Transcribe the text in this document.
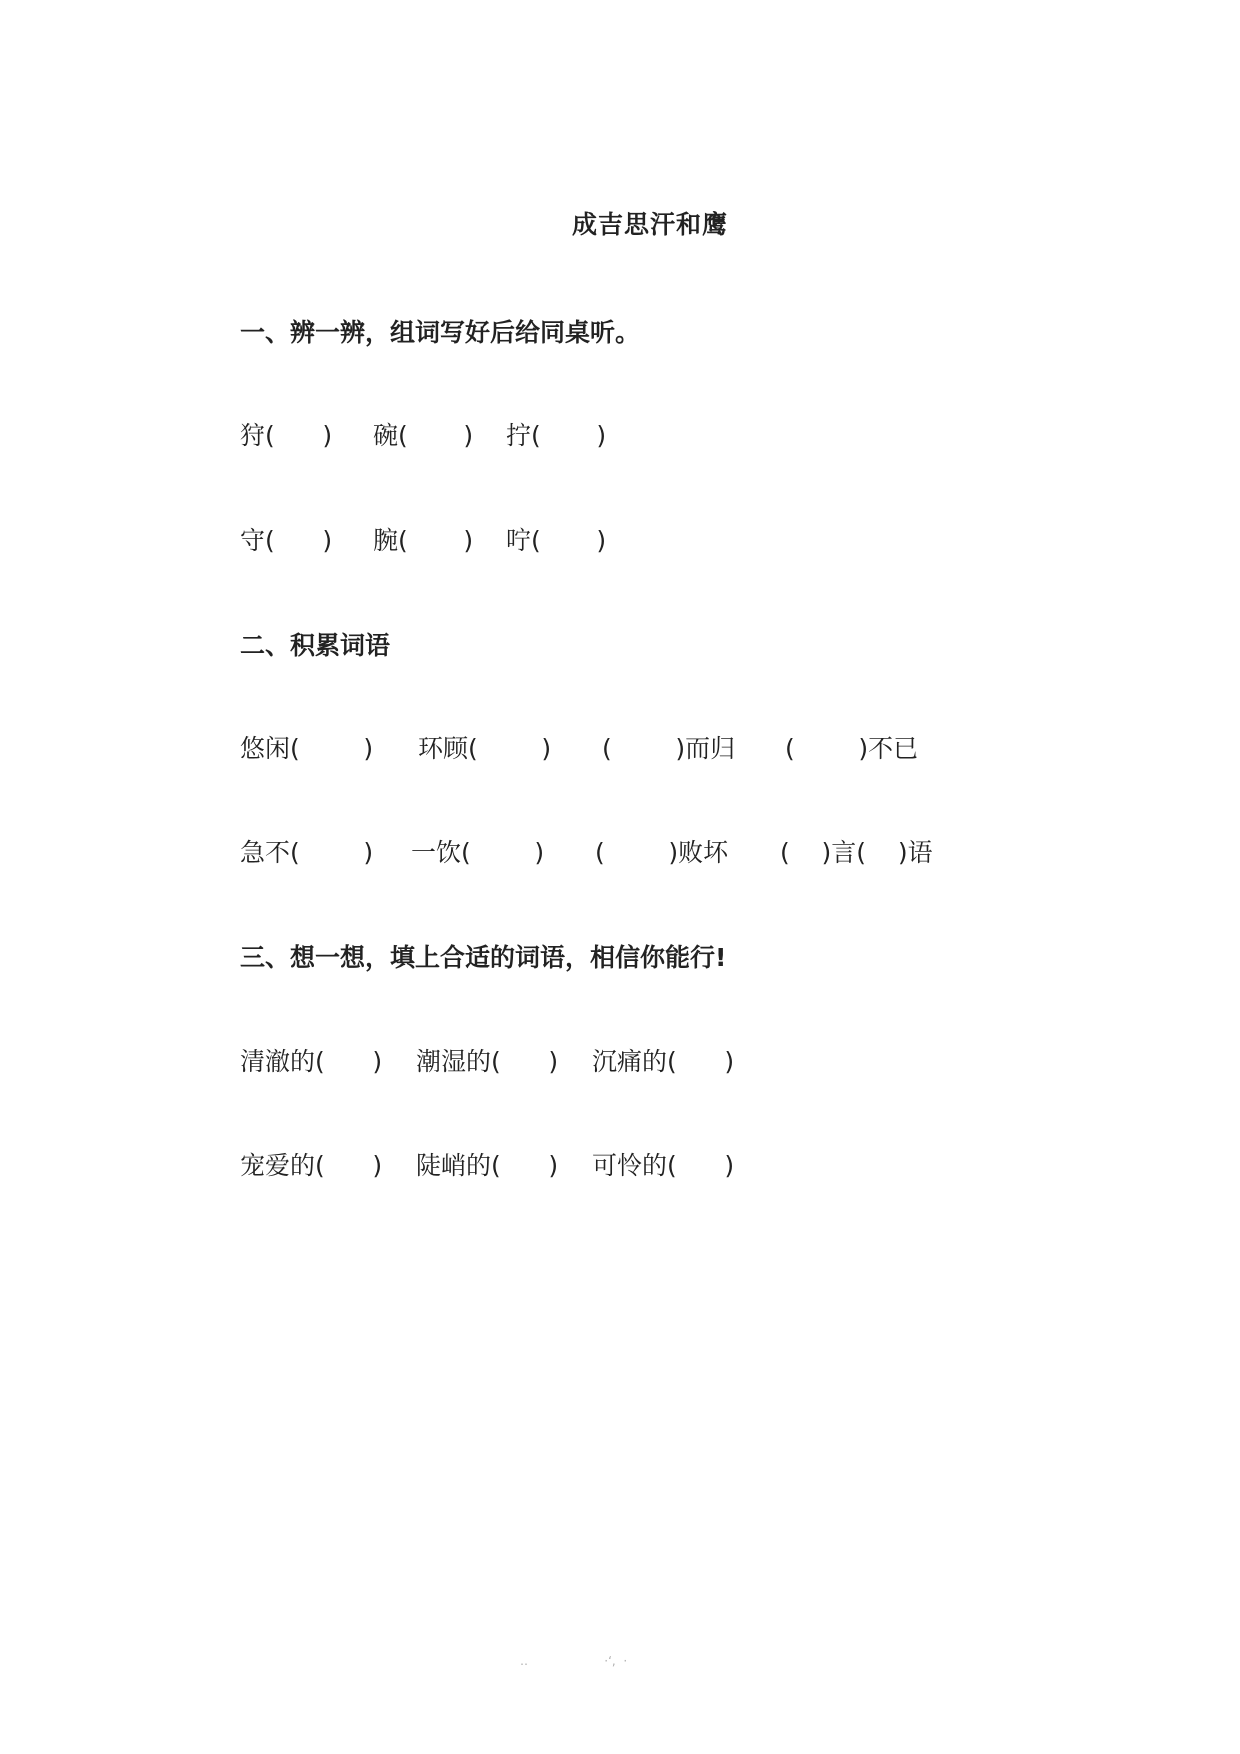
成吉思汗和鹰
一、辨一辨，组词写好后给同桌听。
狩(      ) 碗(       ) 拧(       )
守(      ) 腕(       ) 咛(       )
二、积累词语
悠闲(        ) 环顾(        ) (        )而归 (        )不已
急不(        ) 一饮(        ) (        )败坏 (    )言(    )语
三、想一想，填上合适的词语，相信你能行!
清澈的(      ) 潮湿的(      ) 沉痛的(      )
宠爱的(      ) 陡峭的(      ) 可怜的(      )
‥                    ·‘,  ·
